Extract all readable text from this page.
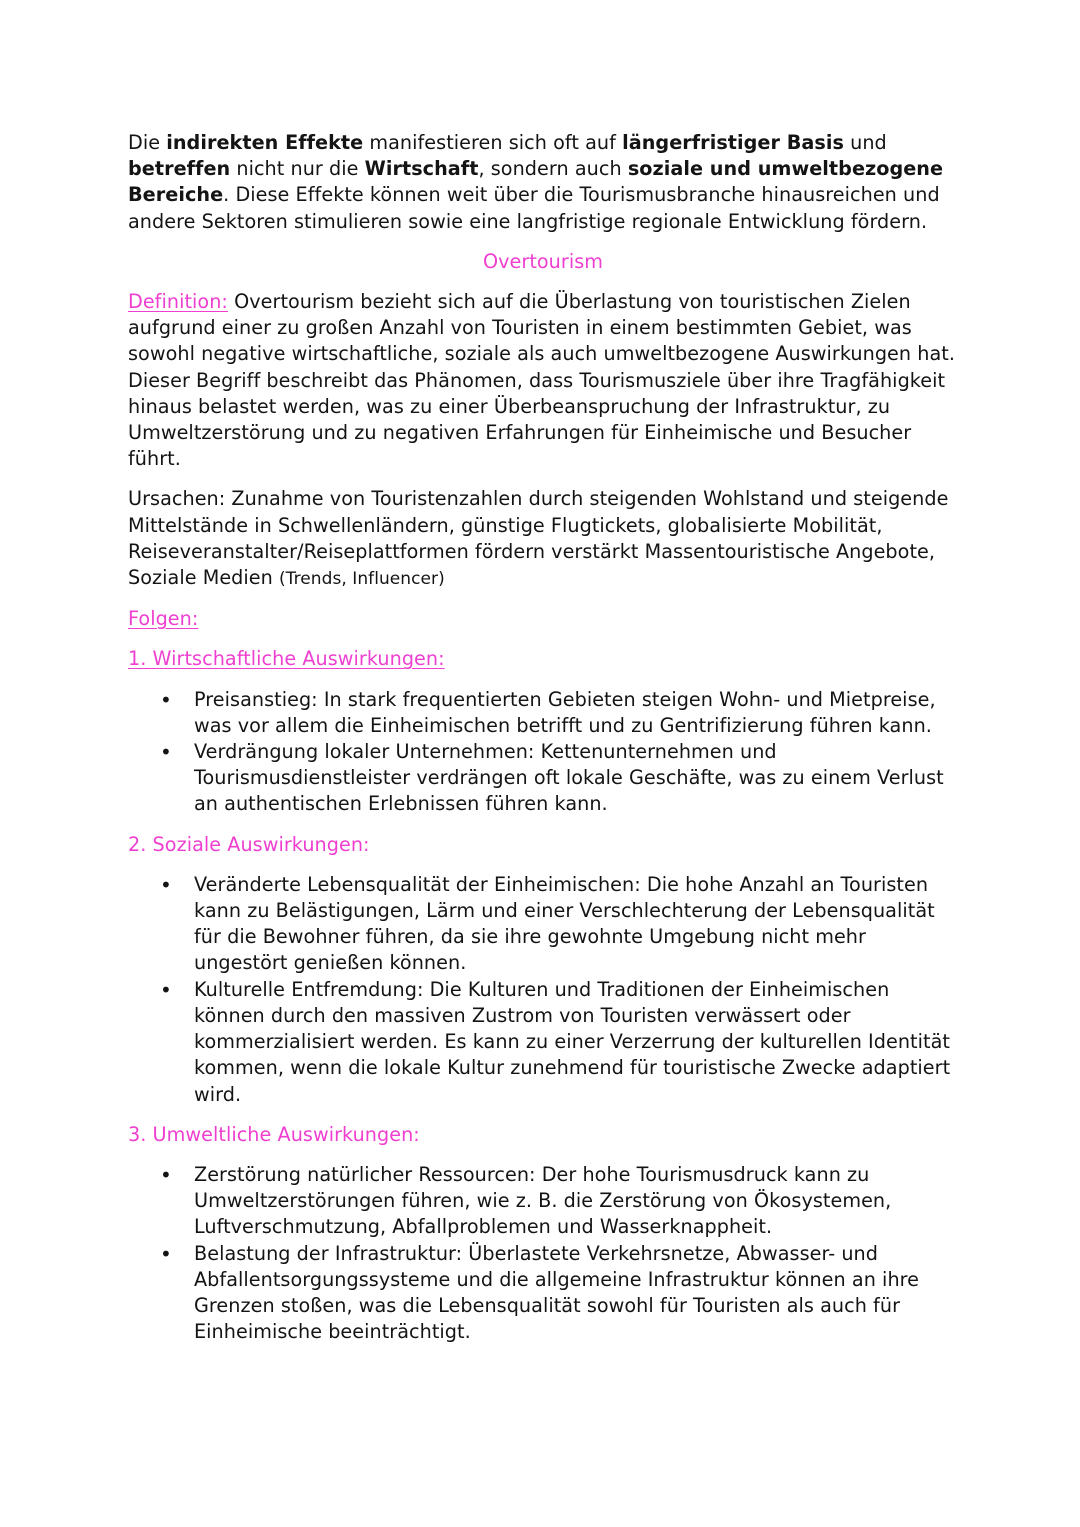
Die indirekten Effekte manifestieren sich oft auf längerfristiger Basis und betreffen nicht nur die Wirtschaft, sondern auch soziale und umweltbezogene Bereiche. Diese Effekte können weit über die Tourismusbranche hinausreichen und andere Sektoren stimulieren sowie eine langfristige regionale Entwicklung fördern.

Overtourism

Definition: Overtourism bezieht sich auf die Überlastung von touristischen Zielen aufgrund einer zu großen Anzahl von Touristen in einem bestimmten Gebiet, was sowohl negative wirtschaftliche, soziale als auch umweltbezogene Auswirkungen hat. Dieser Begriff beschreibt das Phänomen, dass Tourismusziele über ihre Tragfähigkeit hinaus belastet werden, was zu einer Überbeanspruchung der Infrastruktur, zu Umweltzerstörung und zu negativen Erfahrungen für Einheimische und Besucher führt.

Ursachen: Zunahme von Touristenzahlen durch steigenden Wohlstand und steigende Mittelstände in Schwellenländern, günstige Flugtickets, globalisierte Mobilität, Reiseveranstalter/Reiseplattformen fördern verstärkt Massentouristische Angebote, Soziale Medien (Trends, Influencer)

Folgen:

1. Wirtschaftliche Auswirkungen:

• Preisanstieg: In stark frequentierten Gebieten steigen Wohn- und Mietpreise, was vor allem die Einheimischen betrifft und zu Gentrifizierung führen kann.
• Verdrängung lokaler Unternehmen: Kettenunternehmen und Tourismusdienstleister verdrängen oft lokale Geschäfte, was zu einem Verlust an authentischen Erlebnissen führen kann.

2. Soziale Auswirkungen:

• Veränderte Lebensqualität der Einheimischen: Die hohe Anzahl an Touristen kann zu Belästigungen, Lärm und einer Verschlechterung der Lebensqualität für die Bewohner führen, da sie ihre gewohnte Umgebung nicht mehr ungestört genießen können.
• Kulturelle Entfremdung: Die Kulturen und Traditionen der Einheimischen können durch den massiven Zustrom von Touristen verwässert oder kommerzialisiert werden. Es kann zu einer Verzerrung der kulturellen Identität kommen, wenn die lokale Kultur zunehmend für touristische Zwecke adaptiert wird.

3. Umweltliche Auswirkungen:

• Zerstörung natürlicher Ressourcen: Der hohe Tourismusdruck kann zu Umweltzerstörungen führen, wie z. B. die Zerstörung von Ökosystemen, Luftverschmutzung, Abfallproblemen und Wasserknappheit.
• Belastung der Infrastruktur: Überlastete Verkehrsnetze, Abwasser- und Abfallentsorgungssysteme und die allgemeine Infrastruktur können an ihre Grenzen stoßen, was die Lebensqualität sowohl für Touristen als auch für Einheimische beeinträchtigt.
